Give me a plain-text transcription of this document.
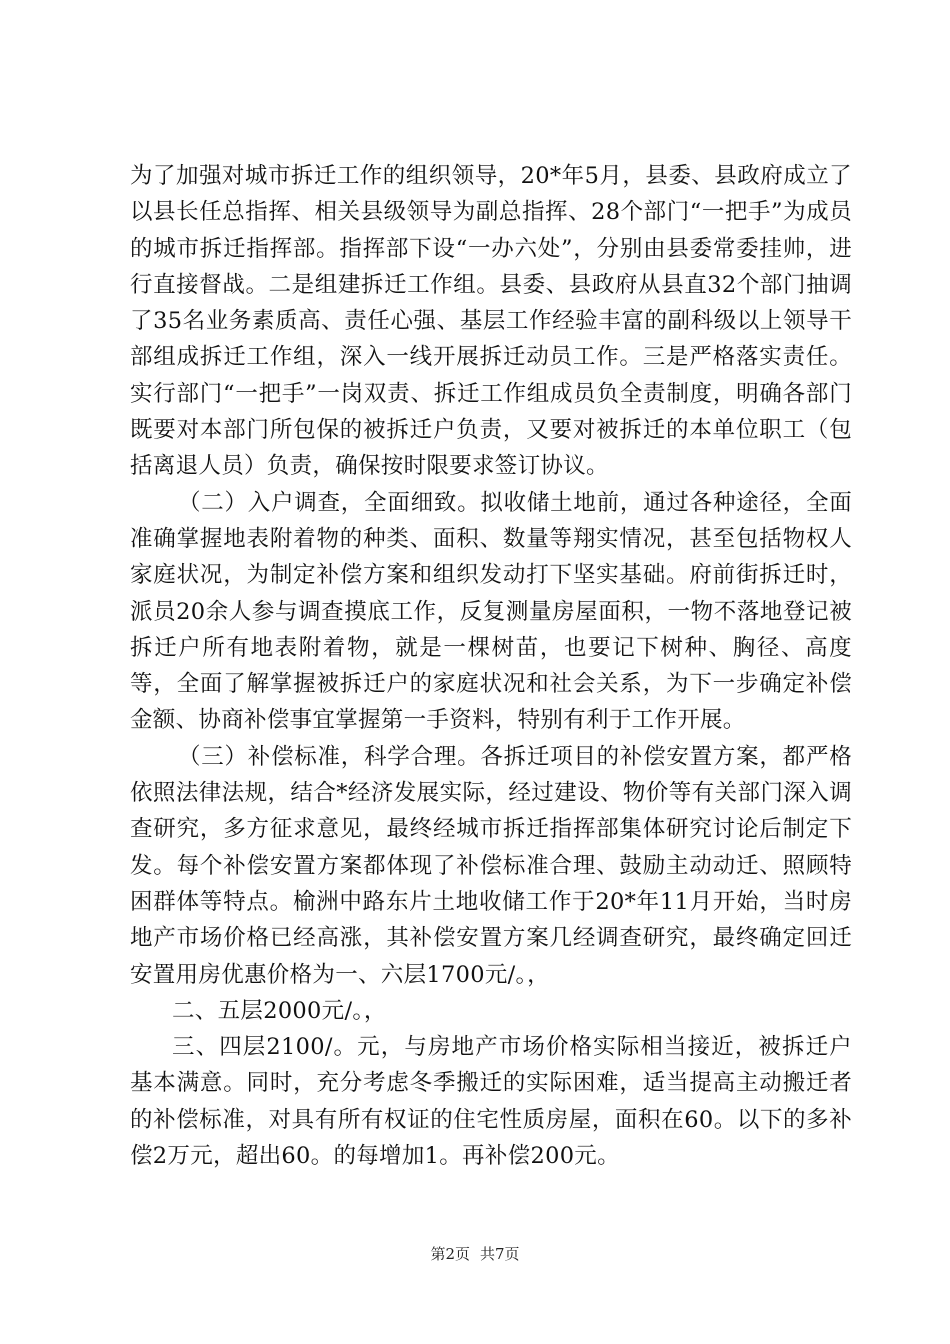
为了加强对城市拆迁工作的组织领导，20*年5月，县委、县政府成立了以县长任总指挥、相关县级领导为副总指挥、28个部门“一把手”为成员的城市拆迁指挥部。指挥部下设“一办六处”，分别由县委常委挂帅，进行直接督战。二是组建拆迁工作组。县委、县政府从县直32个部门抽调了35名业务素质高、责任心强、基层工作经验丰富的副科级以上领导干部组成拆迁工作组，深入一线开展拆迁动员工作。三是严格落实责任。实行部门“一把手”一岗双责、拆迁工作组成员负全责制度，明确各部门既要对本部门所包保的被拆迁户负责，又要对被拆迁的本单位职工（包括离退人员）负责，确保按时限要求签订协议。

（二）入户调查，全面细致。拟收储土地前，通过各种途径，全面准确掌握地表附着物的种类、面积、数量等翔实情况，甚至包括物权人家庭状况，为制定补偿方案和组织发动打下坚实基础。府前街拆迁时，派员20余人参与调查摸底工作，反复测量房屋面积，一物不落地登记被拆迁户所有地表附着物，就是一棵树苗，也要记下树种、胸径、高度等，全面了解掌握被拆迁户的家庭状况和社会关系，为下一步确定补偿金额、协商补偿事宜掌握第一手资料，特别有利于工作开展。

（三）补偿标准，科学合理。各拆迁项目的补偿安置方案，都严格依照法律法规，结合*经济发展实际，经过建设、物价等有关部门深入调查研究，多方征求意见，最终经城市拆迁指挥部集体研究讨论后制定下发。每个补偿安置方案都体现了补偿标准合理、鼓励主动动迁、照顾特困群体等特点。榆洲中路东片土地收储工作于20*年11月开始，当时房地产市场价格已经高涨，其补偿安置方案几经调查研究，最终确定回迁安置用房优惠价格为一、六层1700元/。，

二、五层2000元/。，

三、四层2100/。元，与房地产市场价格实际相当接近，被拆迁户基本满意。同时，充分考虑冬季搬迁的实际困难，适当提高主动搬迁者的补偿标准，对具有所有权证的住宅性质房屋，面积在60。以下的多补偿2万元，超出60。的每增加1。再补偿200元。

第2页 共7页
